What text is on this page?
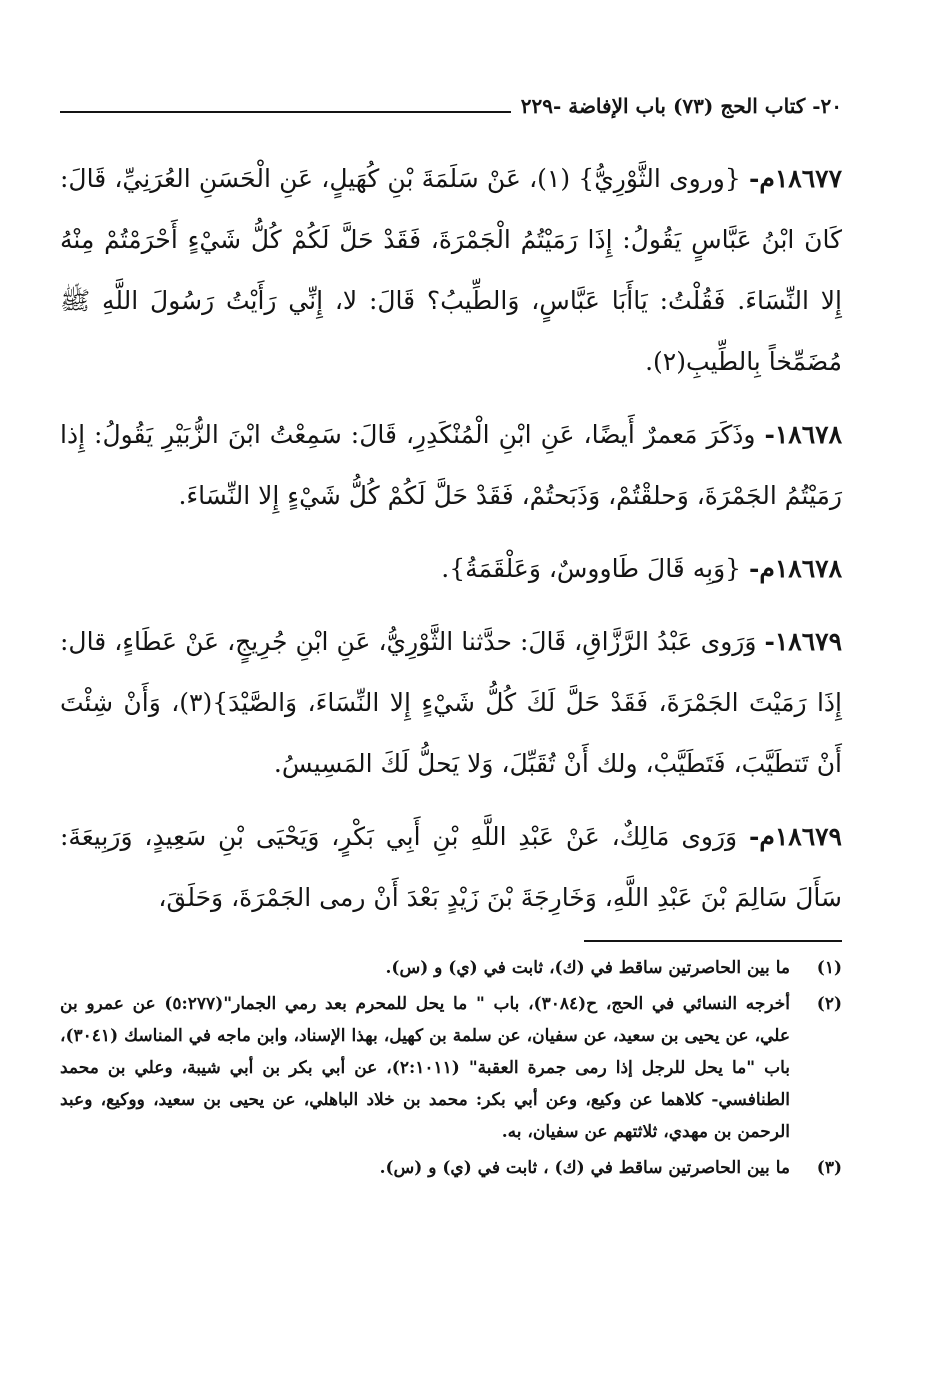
٢٠- كتاب الحج (٧٣) باب الإفاضة -٢٢٩

١٨٦٧٧م- {وروى الثَّوْرِيُّ} (١)، عَنْ سَلَمَةَ بْنِ كُهَيلٍ، عَنِ الْحَسَنِ العُرَنِيِّ، قَالَ: كَانَ ابْنُ عَبَّاسٍ يَقُولُ: إِذَا رَمَيْتُمُ الْجَمْرَةَ، فَقَدْ حَلَّ لَكُمْ كُلُّ شَيْءٍ أَحْرَمْتُمْ مِنْهُ إِلا النِّسَاءَ. فَقُلْتُ: يَاأَبَا عَبَّاسٍ، وَالطِّيبُ؟ قَالَ: لا، إِنِّي رَأَيْتُ رَسُولَ اللَّهِ ﷺ مُضَمِّخاً بِالطِّيبِ(٢).

١٨٦٧٨- وذَكَرَ مَعمرٌ أَيضًا، عَنِ ابْنِ الْمُنْكَدِرِ، قَالَ: سَمِعْتُ ابْنَ الزُّبَيْرِ يَقُولُ: إِذا رَمَيْتُمُ الجَمْرَةَ، وَحلقْتُمْ، وَذَبَحتُمْ، فَقَدْ حَلَّ لَكُمْ كُلُّ شَيْءٍ إِلا النِّسَاءَ.

١٨٦٧٨م- {وَبِه قَالَ طَاووسٌ، وَعَلْقَمَةُ}.

١٨٦٧٩- وَرَوى عَبْدُ الرَّزَّاقِ، قَالَ: حدَّثنا الثَّوْرِيُّ، عَنِ ابْنِ جُرِيجٍ، عَنْ عَطَاءٍ، قال: إِذَا رَمَيْتَ الجَمْرَةَ، فَقَدْ حَلَّ لَكَ كُلُّ شَيْءٍ إِلا النِّسَاءَ، وَالصَّيْدَ}(٣)، وَأَنْ شِئْتَ أَنْ تَتطَيَّبَ، فَتَطَيَّبْ، ولك أَنْ تُقَبِّلَ، وَلا يَحلُّ لَكَ المَسِيسُ.

١٨٦٧٩م- وَرَوى مَالِكٌ، عَنْ عَبْدِ اللَّهِ بْنِ أَبِي بَكْرٍ، وَيَحْيَى بْنِ سَعِيدٍ، وَرَبِيعَةَ: سَأَلَ سَالِمَ بْنَ عَبْدِ اللَّهِ، وَخَارِجَةَ بْنَ زَيْدٍ بَعْدَ أَنْ رمى الجَمْرَةَ، وَحَلَقَ،

(١)
ما بين الحاصرتين ساقط في (ك)، ثابت في (ي) و (س).
(٢)
أخرجه النسائي في الحج، ح(٣٠٨٤)، باب " ما يحل للمحرم بعد رمي الجمار"(٥:٢٧٧) عن عمرو بن علي، عن يحيى بن سعيد، عن سفيان، عن سلمة بن كهيل، بهذا الإسناد، وابن ماجه في المناسك (٣٠٤١)، باب "ما يحل للرجل إذا رمى جمرة العقبة" (٢:١٠١١)، عن أبي بكر بن أبي شيبة، وعلي بن محمد الطنافسي- كلاهما عن وكيع، وعن أبي بكر: محمد بن خلاد الباهلي، عن يحيى بن سعيد، ووكيع، وعبد الرحمن بن مهدي، ثلاثتهم عن سفيان، به.
(٣)
ما بين الحاصرتين ساقط في (ك) ، ثابت في (ي) و (س).
